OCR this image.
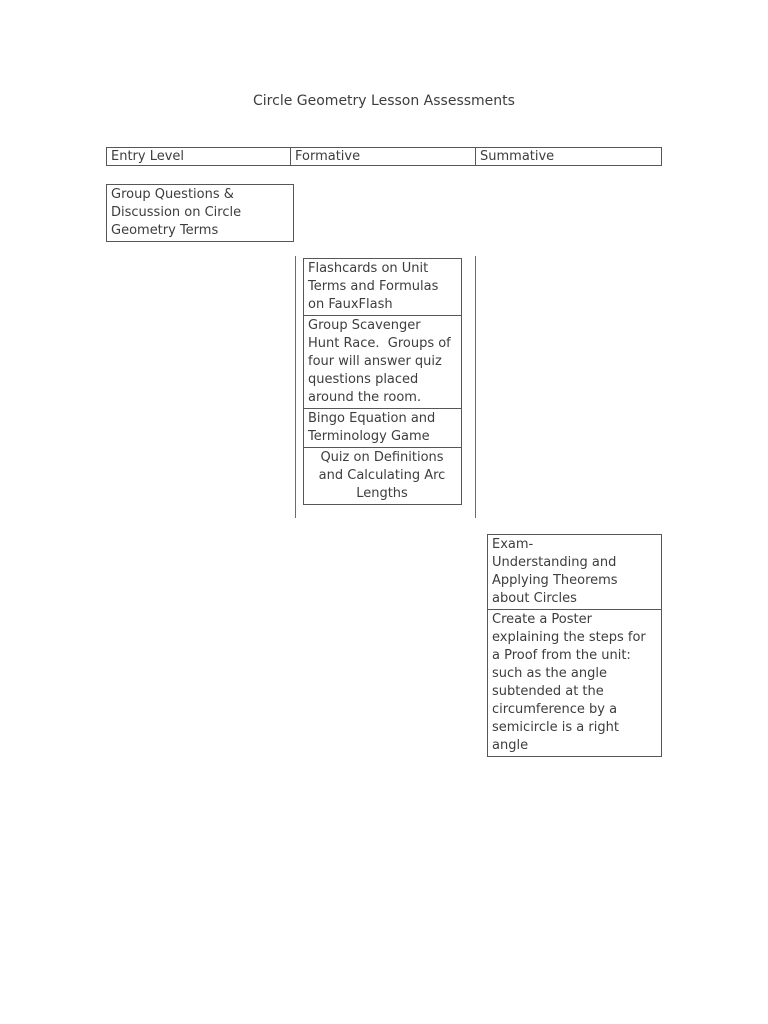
Circle Geometry Lesson Assessments
Entry Level	Formative	Summative
Group Questions & Discussion on Circle Geometry Terms
Flashcards on Unit Terms and Formulas on FauxFlash
Group Scavenger Hunt Race.  Groups of four will answer quiz questions placed around the room.
Bingo Equation and Terminology Game
Quiz on Definitions and Calculating Arc Lengths
Exam-
Understanding and Applying Theorems about Circles
Create a Poster explaining the steps for a Proof from the unit: such as the angle subtended at the circumference by a semicircle is a right angle
